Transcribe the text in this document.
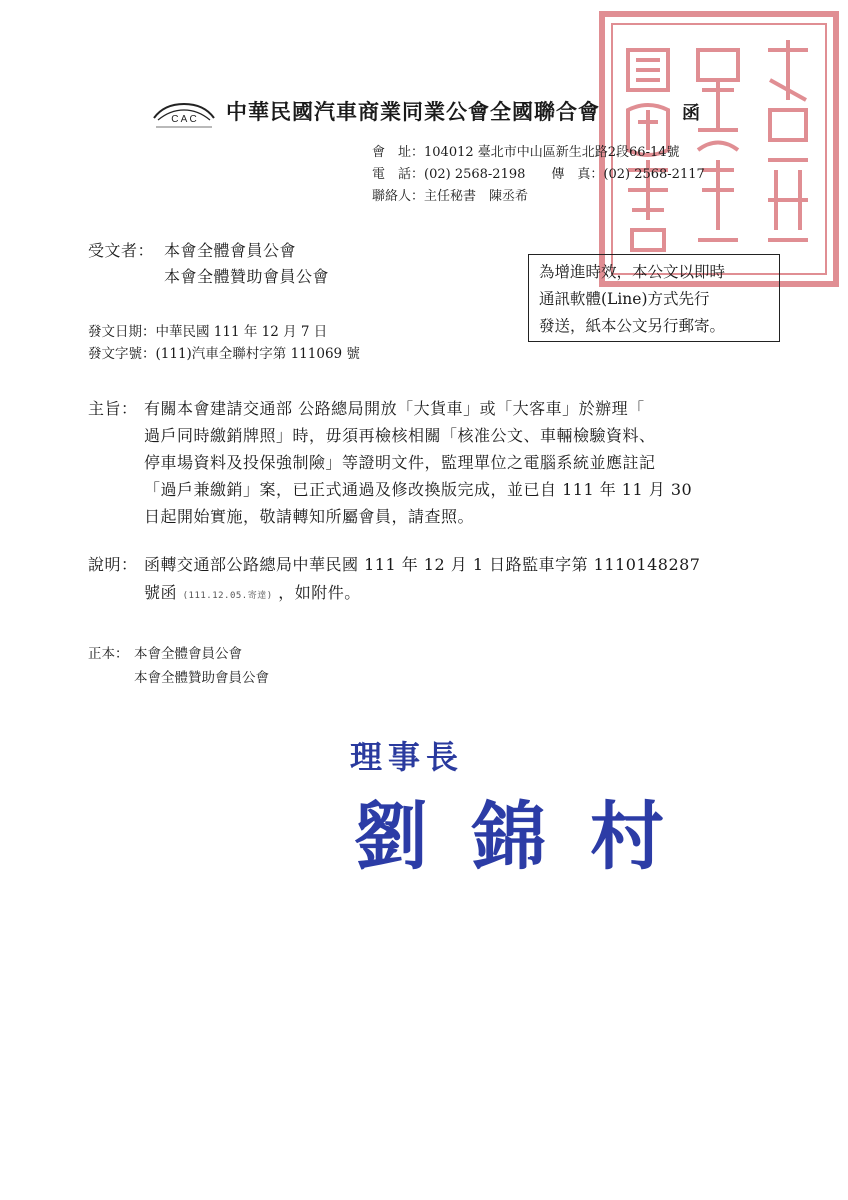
C A C 中華民國汽車商業同業公會全國聯合會	函
會　址：104012 臺北市中山區新生北路2段66-14號
電　話：(02) 2568-2198　　傳　真：(02) 2568-2117
聯絡人：主任秘書　陳丞希
受文者： 本會全體會員公會
本會全體贊助會員公會	為增進時效，本公文以即時
通訊軟體(Line)方式先行
發送，紙本公文另行郵寄。
發文日期：中華民國 111 年 12 月 7 日
發文字號：(111)汽車全聯村字第 111069 號
主旨： 有關本會建請交通部 公路總局開放「大貨車」或「大客車」於辦理「
過戶同時繳銷牌照」時，毋須再檢核相關「核准公文、車輛檢驗資料、
停車場資料及投保強制險」等證明文件，監理單位之電腦系統並應註記
「過戶兼繳銷」案，已正式通過及修改換版完成，並已自 111 年 11 月 30
日起開始實施，敬請轉知所屬會員，請查照。
說明： 函轉交通部公路總局中華民國 111 年 12 月 1 日路監車字第 1110148287
號函 (111.12.05.寄達) ，如附件。
正本： 本會全體會員公會
本會全體贊助會員公會
理事長
劉錦村
